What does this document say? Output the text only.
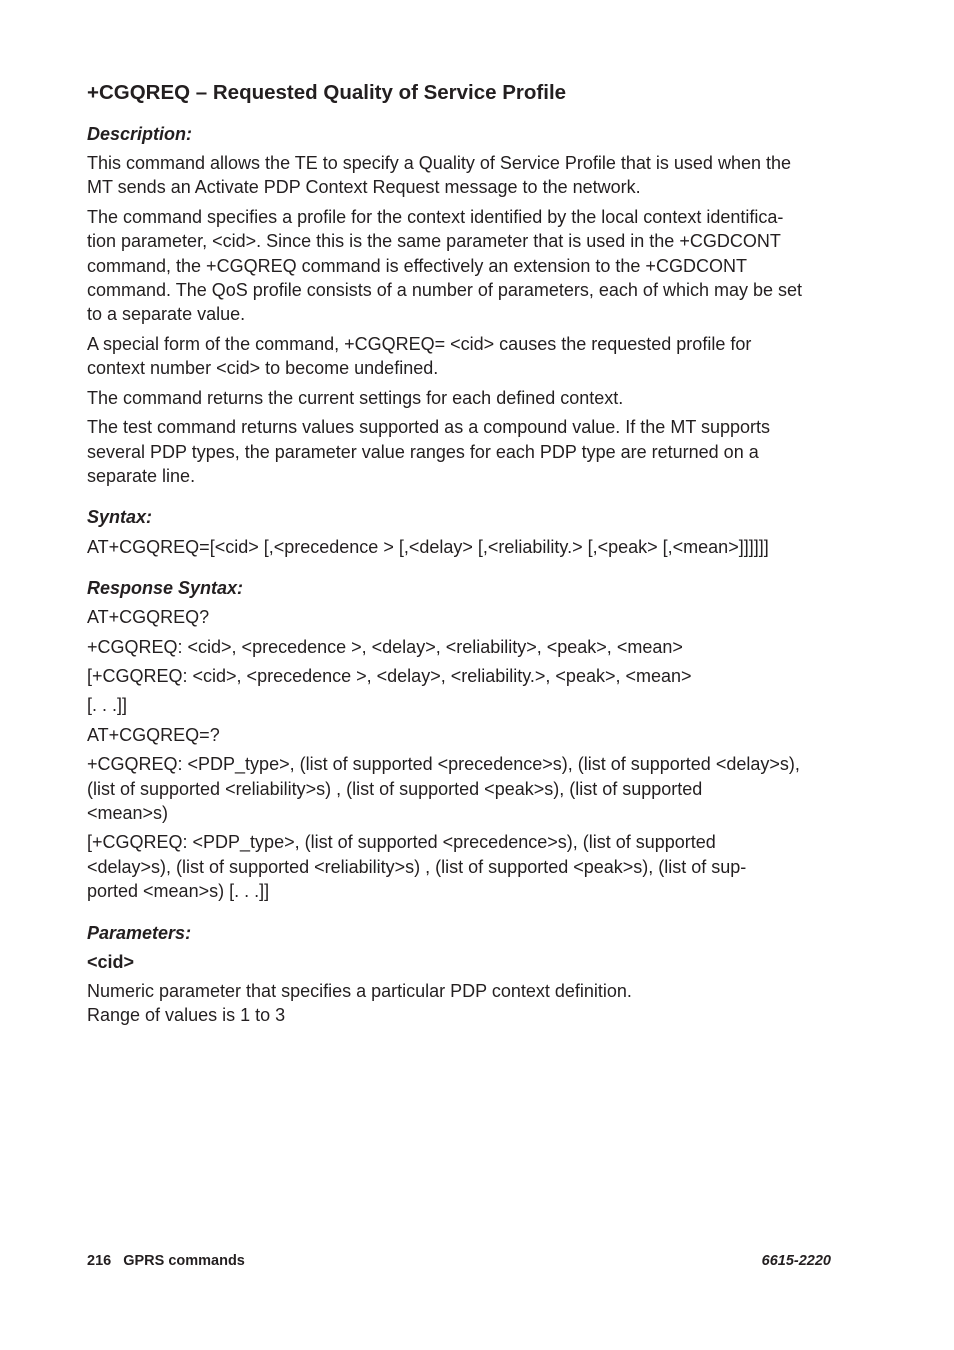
+CGQREQ – Requested Quality of Service Profile
Description:
This command allows the TE to specify a Quality of Service Profile that is used when the
MT sends an Activate PDP Context Request message to the network.
The command specifies a profile for the context identified by the local context identifica-
tion parameter, <cid>. Since this is the same parameter that is used in the +CGDCONT
command, the +CGQREQ command is effectively an extension to the +CGDCONT
command. The QoS profile consists of a number of parameters, each of which may be set
to a separate value.
A special form of the command, +CGQREQ= <cid> causes the requested profile for
context number <cid> to become undefined.
The command returns the current settings for each defined context.
The test command returns values supported as a compound value. If the MT supports
several PDP types, the parameter value ranges for each PDP type are returned on a
separate line.
Syntax:
AT+CGQREQ=[<cid> [,<precedence > [,<delay> [,<reliability.> [,<peak> [,<mean>]]]]]]
Response Syntax:
AT+CGQREQ?
+CGQREQ: <cid>, <precedence >, <delay>, <reliability>, <peak>, <mean>
[+CGQREQ: <cid>, <precedence >, <delay>, <reliability.>, <peak>, <mean>
[. . .]]
AT+CGQREQ=?
+CGQREQ: <PDP_type>, (list of supported <precedence>s), (list of supported <delay>s),
(list of supported <reliability>s) , (list of supported <peak>s), (list of supported
<mean>s)
[+CGQREQ: <PDP_type>, (list of supported <precedence>s), (list of supported
<delay>s), (list of supported <reliability>s) , (list of supported <peak>s), (list of sup-
ported <mean>s) [. . .]]
Parameters:
<cid>
Numeric parameter that specifies a particular PDP context definition.
Range of values is 1 to 3
216 GPRS commands	6615-2220
